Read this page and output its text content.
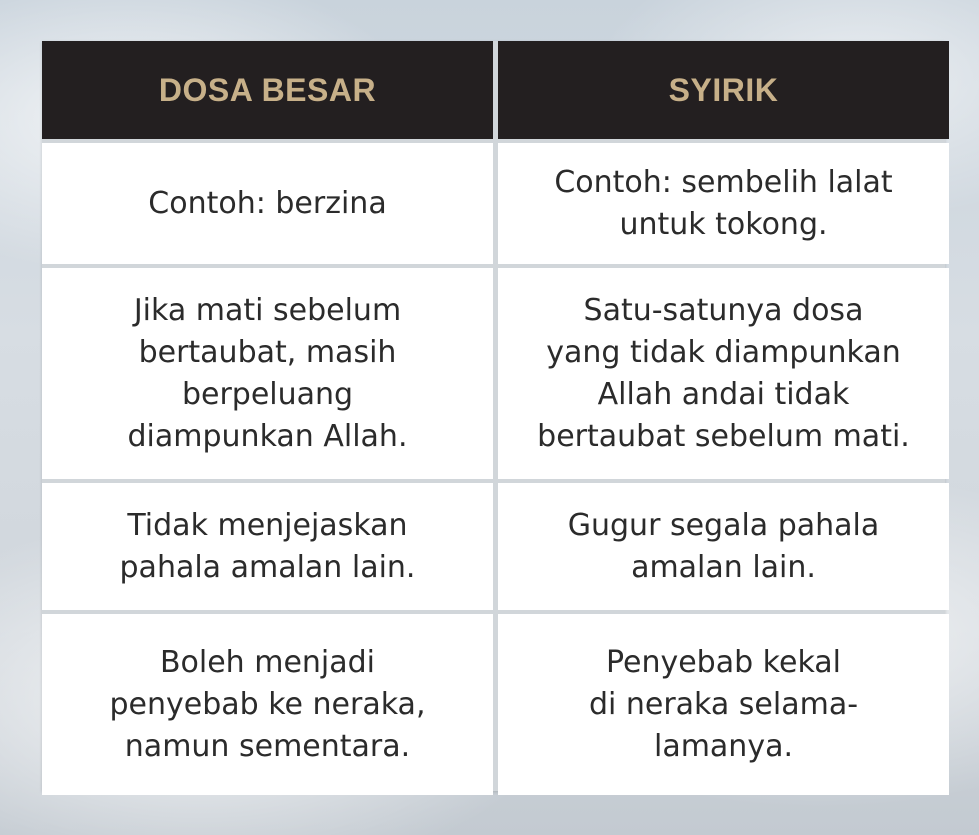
DOSA BESAR	SYIRIK
Contoh: berzina
Contoh: sembelih lalat
untuk tokong.
Jika mati sebelum
bertaubat, masih
berpeluang
diampunkan Allah.
Satu-satunya dosa
yang tidak diampunkan
Allah andai tidak
bertaubat sebelum mati.
Tidak menjejaskan
pahala amalan lain.
Gugur segala pahala
amalan lain.
Boleh menjadi
penyebab ke neraka,
namun sementara.
Penyebab kekal
di neraka selama-
lamanya.
